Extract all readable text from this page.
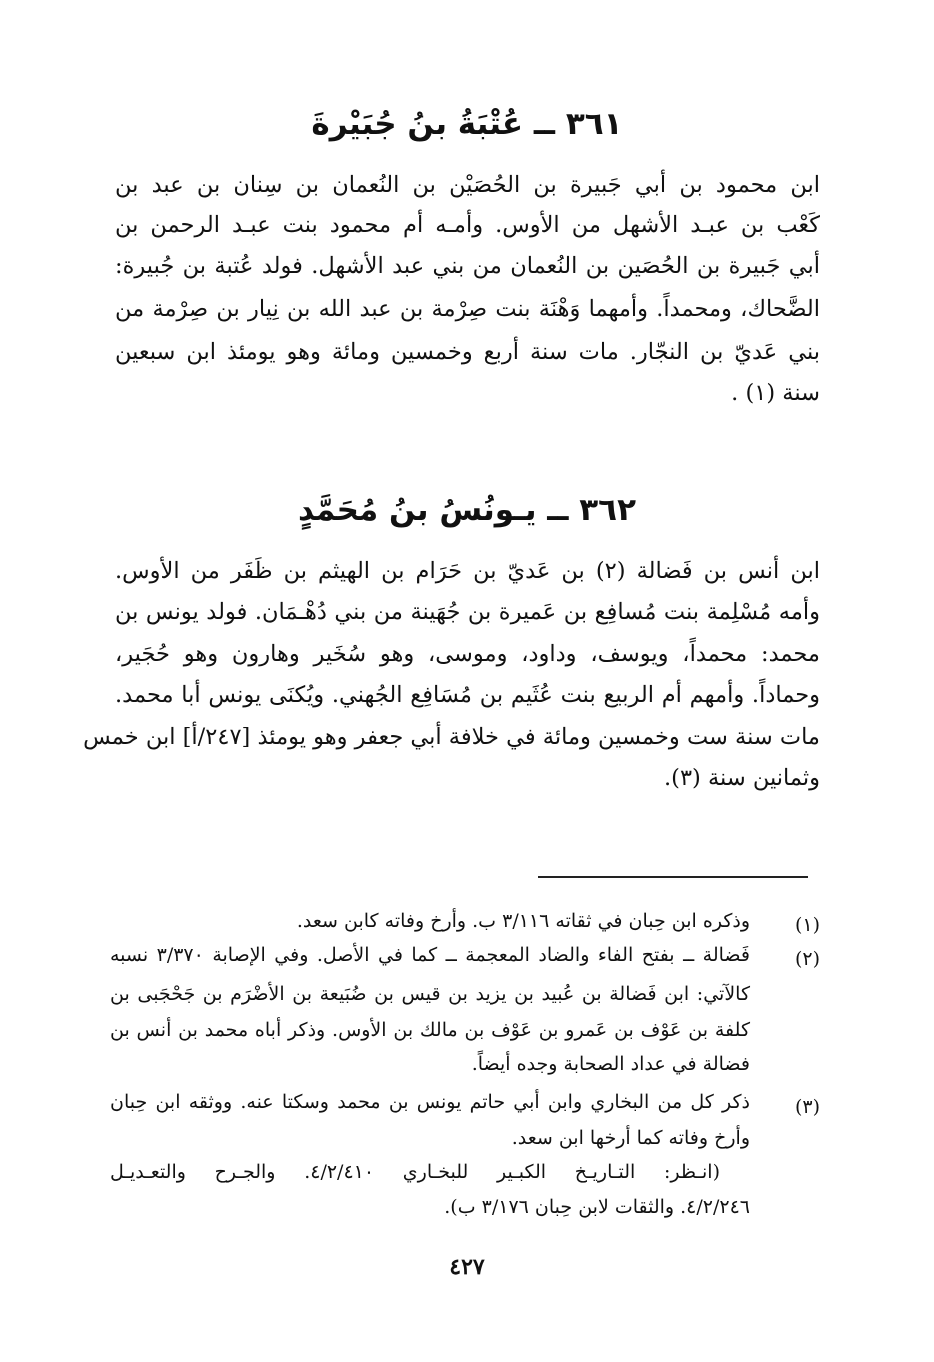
٣٦١ ــ عُتْبَةُ بنُ جُبَيْرةَ
ابن محمود بن أبي جَبيرة بن الحُصَيْن بن النُعمان بن سِنان بن عبد بن
كَعْب بن عبـد الأشهل من الأوس. وأمـه أم محمود بنت عبـد الرحمن بن
أبي جَبيرة بن الحُصَين بن النُعمان من بني عبد الأشهل. فولد عُتبة بن جُبيرة:
الضَّحاك، ومحمداً. وأمهما وَهْنَة بنت صِرْمة بن عبد الله بن نِيار بن صِرْمة من
بني عَديّ بن النجّار. مات سنة أربع وخمسين ومائة وهو يومئذ ابن سبعين
سنة (١) .
٣٦٢ ــ يـونُسُ بنُ مُحَمَّدٍ
ابن أنس بن فَضالة (٢) بن عَديّ بن حَرَام بن الهيثم بن ظَفَر من الأوس.
وأمه مُسْلِمة بنت مُسافِع بن عَميرة بن جُهَينة من بني دُهْـمَان. فولد يونس بن
محمد: محمداً، ويوسف، وداود، وموسى، وهو سُخَير وهارون وهو حُجَير،
وحماداً. وأمهم أم الربيع بنت عُثَيم بن مُسَافِع الجُهني. ويُكنَى يونس أبا محمد.
مات سنة ست وخمسين ومائة في خلافة أبي جعفر وهو يومئذ [٢٤٧/أ] ابن خمس
وثمانين سنة (٣).
(١)
وذكره ابن حِبان في ثقاته ٣/١١٦ ب. وأرخ وفاته كابن سعد.
(٢)
فَضالة ــ بفتح الفاء والضاد المعجمة ــ كما في الأصل. وفي الإصابة ٣/٣٧٠ نسبه
كالآتي: ابن فَضالة بن عُبيد بن يزيد بن قيس بن ضُبَيعة بن الأضْرَم بن جَحْجَبى بن
كلفة بن عَوْف بن عَمرو بن عَوْف بن مالك بن الأوس. وذكر أباه محمد بن أنس بن
فضالة في عداد الصحابة وجده أيضاً.
(٣)
ذكر كل من البخاري وابن أبي حاتم يونس بن محمد وسكتا عنه. ووثقه ابن حِبان
وأرخ وفاته كما أرخها ابن سعد.
(انـظر: التـاريـخ الكبـير للبخـاري ٤/٢/٤١٠. والجـرح والتعـديـل
٤/٢/٢٤٦. والثقات لابن حِبان ٣/١٧٦ ب).
٤٢٧
